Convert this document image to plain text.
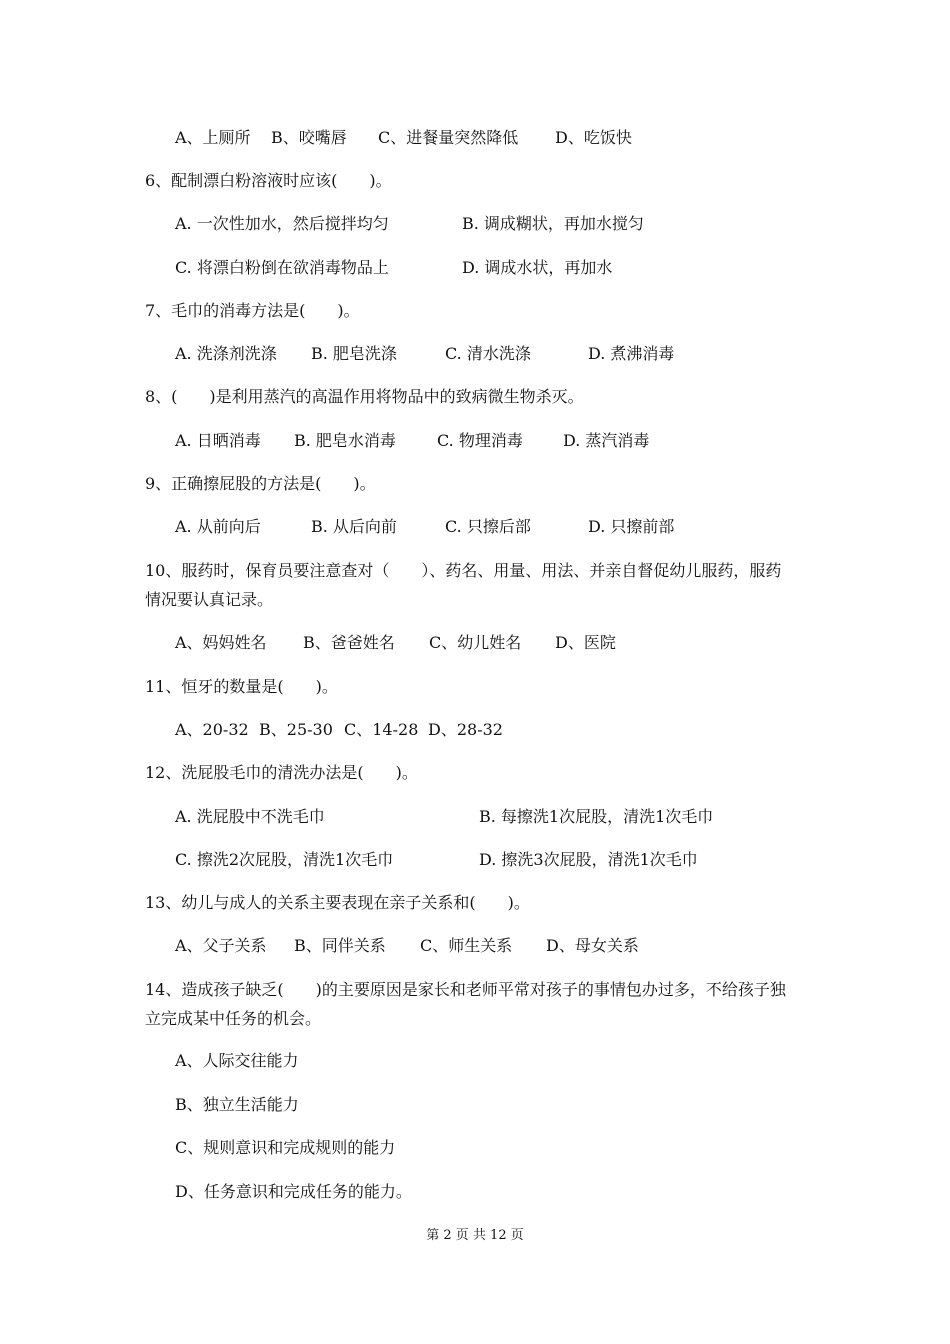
A、上厕所 B、咬嘴唇 C、进餐量突然降低 D、吃饭快
6、配制漂白粉溶液时应该(　　)。
A. 一次性加水，然后搅拌均匀	B. 调成糊状，再加水搅匀
C. 将漂白粉倒在欲消毒物品上	D. 调成水状，再加水
7、毛巾的消毒方法是(　　)。
A. 洗涤剂洗涤 B. 肥皂洗涤	C. 清水洗涤	D. 煮沸消毒
8、(　　)是利用蒸汽的高温作用将物品中的致病微生物杀灭。
A. 日晒消毒 B. 肥皂水消毒	C. 物理消毒	D. 蒸汽消毒
9、正确擦屁股的方法是(　　)。
A. 从前向后	B. 从后向前	C. 只擦后部	D. 只擦前部
10、服药时，保育员要注意查对（　　）、药名、用量、用法、并亲自督促幼儿服药，服药
情况要认真记录。
A、妈妈姓名 B、爸爸姓名 C、幼儿姓名 D、医院
11、恒牙的数量是(　　)。
A、20-32 B、25-30 C、14-28 D、28-32
12、洗屁股毛巾的清洗办法是(　　)。
A. 洗屁股中不洗毛巾	B. 每擦洗1次屁股，清洗1次毛巾
C. 擦洗2次屁股，清洗1次毛巾	D. 擦洗3次屁股，清洗1次毛巾
13、幼儿与成人的关系主要表现在亲子关系和(　　)。
A、父子关系 B、同伴关系 C、师生关系 D、母女关系
14、造成孩子缺乏(　　)的主要原因是家长和老师平常对孩子的事情包办过多，不给孩子独
立完成某中任务的机会。
A、人际交往能力
B、独立生活能力
C、规则意识和完成规则的能力
D、任务意识和完成任务的能力。
第 2 页 共 12 页
